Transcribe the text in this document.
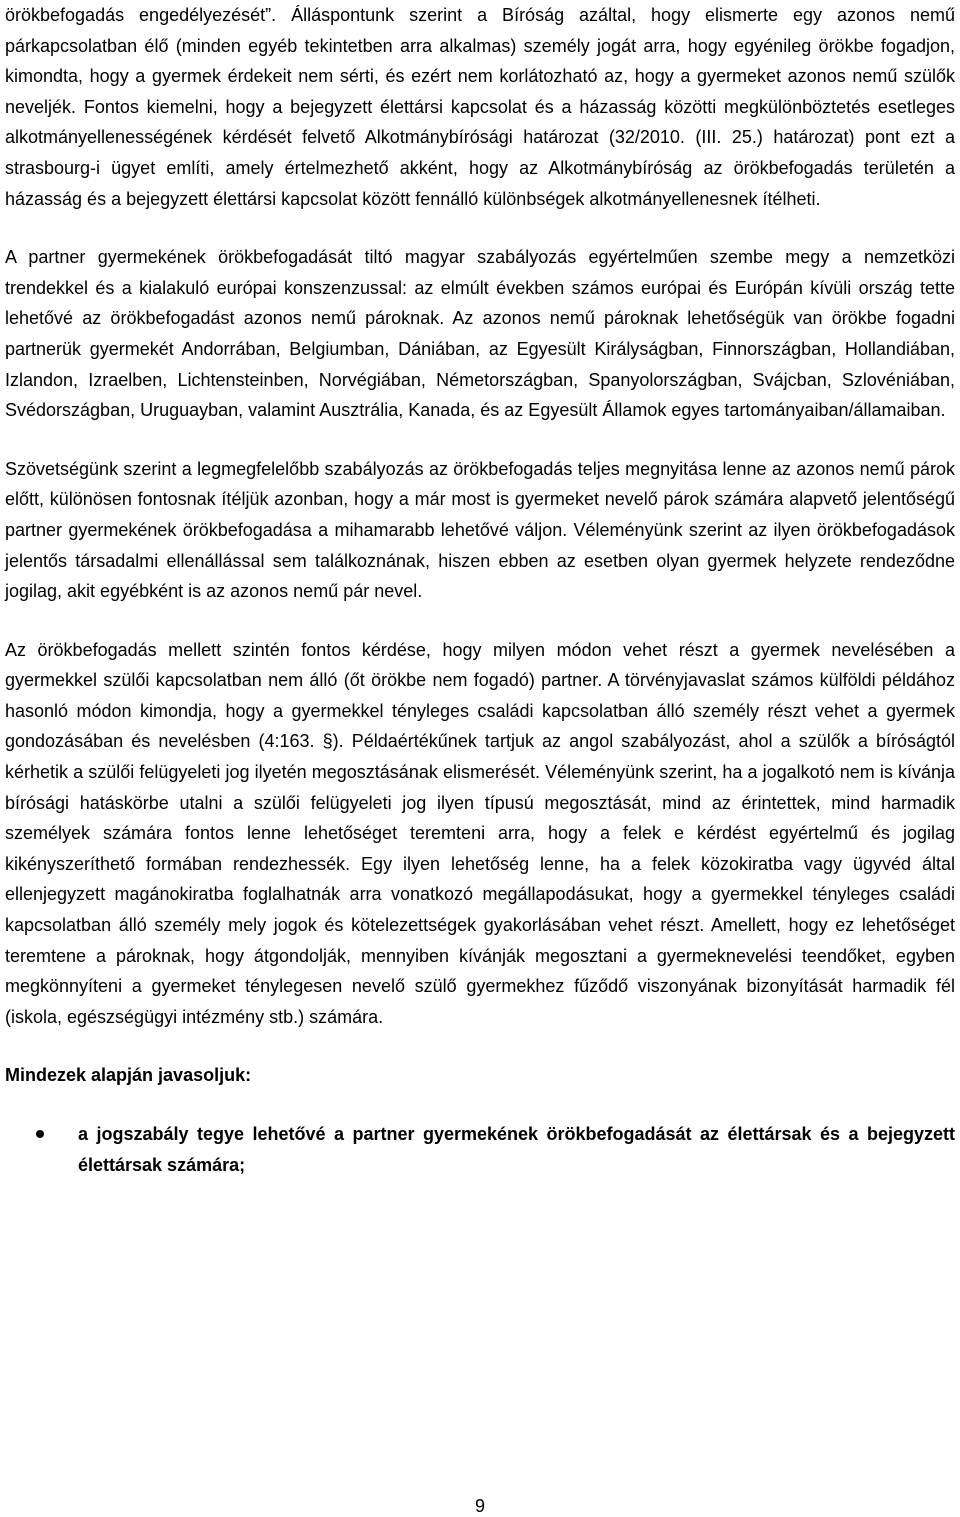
örökbefogadás engedélyezését”. Álláspontunk szerint a Bíróság azáltal, hogy elismerte egy azonos nemű párkapcsolatban élő (minden egyéb tekintetben arra alkalmas) személy jogát arra, hogy egyénileg örökbe fogadjon, kimondta, hogy a gyermek érdekeit nem sérti, és ezért nem korlátozható az, hogy a gyermeket azonos nemű szülők neveljék. Fontos kiemelni, hogy a bejegyzett élettársi kapcsolat és a házasság közötti megkülönböztetés esetleges alkotmányellenességének kérdését felvető Alkotmánybírósági határozat (32/2010. (III. 25.) határozat) pont ezt a strasbourg-i ügyet említi, amely értelmezhető akként, hogy az Alkotmánybíróság az örökbefogadás területén a házasság és a bejegyzett élettársi kapcsolat között fennálló különbségek alkotmányellenesnek ítélheti.

A partner gyermekének örökbefogadását tiltó magyar szabályozás egyértelműen szembe megy a nemzetközi trendekkel és a kialakuló európai konszenzussal: az elmúlt években számos európai és Európán kívüli ország tette lehetővé az örökbefogadást azonos nemű pároknak. Az azonos nemű pároknak lehetőségük van örökbe fogadni partnerük gyermekét Andorrában, Belgiumban, Dániában, az Egyesült Királyságban, Finnországban, Hollandiában, Izlandon, Izraelben, Lichtensteinben, Norvégiában, Németországban, Spanyolországban, Svájcban, Szlovéniában, Svédországban, Uruguayban, valamint Ausztrália, Kanada, és az Egyesült Államok egyes tartományaiban/államaiban.

Szövetségünk szerint a legmegfelelőbb szabályozás az örökbefogadás teljes megnyitása lenne az azonos nemű párok előtt, különösen fontosnak ítéljük azonban, hogy a már most is gyermeket nevelő párok számára alapvető jelentőségű partner gyermekének örökbefogadása a mihamarabb lehetővé váljon. Véleményünk szerint az ilyen örökbefogadások jelentős társadalmi ellenállással sem találkoznának, hiszen ebben az esetben olyan gyermek helyzete rendeződne jogilag, akit egyébként is az azonos nemű pár nevel.

Az örökbefogadás mellett szintén fontos kérdése, hogy milyen módon vehet részt a gyermek nevelésében a gyermekkel szülői kapcsolatban nem álló (őt örökbe nem fogadó) partner. A törvényjavaslat számos külföldi példához hasonló módon kimondja, hogy a gyermekkel tényleges családi kapcsolatban álló személy részt vehet a gyermek gondozásában és nevelésben (4:163. §). Példaértékűnek tartjuk az angol szabályozást, ahol a szülők a bíróságtól kérhetik a szülői felügyeleti jog ilyetén megosztásának elismerését. Véleményünk szerint, ha a jogalkotó nem is kívánja bírósági hatáskörbe utalni a szülői felügyeleti jog ilyen típusú megosztását, mind az érintettek, mind harmadik személyek számára fontos lenne lehetőséget teremteni arra, hogy a felek e kérdést egyértelmű és jogilag kikényszeríthető formában rendezhessék. Egy ilyen lehetőség lenne, ha a felek közokiratba vagy ügyvéd által ellenjegyzett magánokiratba foglalhatnák arra vonatkozó megállapodásukat, hogy a gyermekkel tényleges családi kapcsolatban álló személy mely jogok és kötelezettségek gyakorlásában vehet részt. Amellett, hogy ez lehetőséget teremtene a pároknak, hogy átgondolják, mennyiben kívánják megosztani a gyermeknevelési teendőket, egyben megkönnyíteni a gyermeket ténylegesen nevelő szülő gyermekhez fűződő viszonyának bizonyítását harmadik fél (iskola, egészségügyi intézmény stb.) számára.

Mindezek alapján javasoljuk:

a jogszabály tegye lehetővé a partner gyermekének örökbefogadását az élettársak és a bejegyzett élettársak számára;
9
